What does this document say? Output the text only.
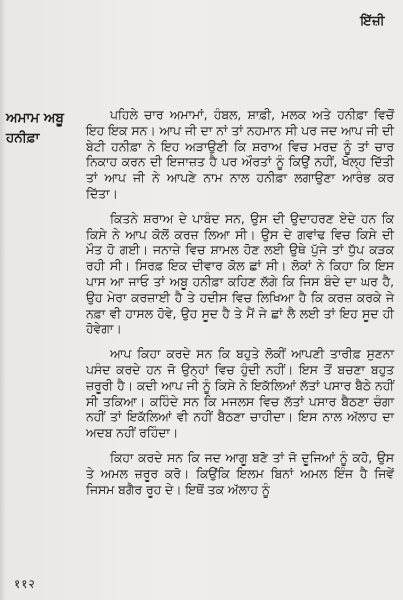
ਇੱਜ਼ੀ
ਅਮਾਮ ਅਬੂ
ਹਨੀਫ਼ਾ

ਪਹਿਲੇ ਚਾਰ ਅਮਾਮਾਂ, ਹੰਬਲ, ਸ਼ਾਫ਼ੀ, ਮਲਕ ਅਤੇ ਹਨੀਫ਼ਾ ਵਿਚੋਂ ਇਹ ਇਕ ਸਨ। ਆਪ ਜੀ ਦਾ ਨਾਂ ਤਾਂ ਨਹਮਾਨ ਸੀ ਪਰ ਜਦ ਆਪ ਜੀ ਦੀ ਬੇਟੀ ਹਨੀਫ਼ਾ ਨੇ ਇਹ ਅੜਾਉਣੀ ਕਿ ਸ਼ਰਾਅ ਵਿਚ ਮਰਦ ਨੂੰ ਤਾਂ ਚਾਰ ਨਿਕਾਹ ਕਰਨ ਦੀ ਇਜਾਜ਼ਤ ਹੈ ਪਰ ਔਰਤਾਂ ਨੂੰ ਕਿਉਂ ਨਹੀਂ, ਖੋਲ੍ਹ ਦਿੱਤੀ ਤਾਂ ਆਪ ਜੀ ਨੇ ਆਪਣੇ ਨਾਮ ਨਾਲ ਹਨੀਫ਼ਾ ਲਗਾਉਣਾ ਆਰੰਭ ਕਰ ਦਿੱਤਾ।

ਕਿਤਨੇ ਸ਼ਰਾਅ ਦੇ ਪਾਬੰਦ ਸਨ, ਉਸ ਦੀ ਉਦਾਹਰਣ ਏਦੇ ਹਨ ਕਿ ਕਿਸੇ ਨੇ ਆਪ ਕੋਲੋਂ ਕਰਜ਼ ਲਿਆ ਸੀ। ਉਸ ਦੇ ਗਵਾਂਢ ਵਿਚ ਕਿਸੇ ਦੀ ਮੌਤ ਹੋ ਗਈ। ਜਨਾਜ਼ੇ ਵਿਚ ਸ਼ਾਮਲ ਹੋਣ ਲਈ ਉਥੇ ਪੁੱਜੇ ਤਾਂ ਧੁੱਪ ਕੜਕ ਰਹੀ ਸੀ। ਸਿਰਫ਼ ਇਕ ਦੀਵਾਰ ਕੋਲ ਛਾਂ ਸੀ। ਲੋਕਾਂ ਨੇ ਕਿਹਾ ਕਿ ਇਸ ਪਾਸ ਆ ਜਾਓ ਤਾਂ ਅਬੂ ਹਨੀਫ਼ਾ ਕਹਿਣ ਲੱਗੇ ਕਿ ਜਿਸ ਬੰਦੇ ਦਾ ਘਰ ਹੈ, ਉਹ ਮੇਰਾ ਕਰਜ਼ਾਈ ਹੈ ਤੇ ਹਦੀਸ ਵਿਚ ਲਿਖਿਆ ਹੈ ਕਿ ਕਰਜ਼ ਕਰਕੇ ਜੇ ਨਫ਼ਾ ਵੀ ਹਾਸਲ ਹੋਵੇ, ਉਹ ਸੂਦ ਹੈ ਤੇ ਮੈਂ ਜੇ ਛਾਂ ਲੈ ਲਈ ਤਾਂ ਇਹ ਸੂਦ ਹੀ ਹੋਵੇਗਾ।

ਆਪ ਕਿਹਾ ਕਰਦੇ ਸਨ ਕਿ ਬਹੁਤੇ ਲੋਕੀਂ ਆਪਣੀ ਤਾਰੀਫ਼ ਸੁਣਨਾ ਪਸੰਦ ਕਰਦੇ ਹਨ ਜੋ ਉਨ੍ਹਾਂ ਵਿਚ ਹੁੰਦੀ ਨਹੀਂ। ਇਸ ਤੋਂ ਬਚਣਾ ਬਹੁਤ ਜ਼ਰੂਰੀ ਹੈ। ਕਦੀ ਆਪ ਜੀ ਨੂੰ ਕਿਸੇ ਨੇ ਇਕੱਲਿਆਂ ਲੱਤਾਂ ਪਸਾਰ ਬੈਠੇ ਨਹੀਂ ਸੀ ਤਕਿਆ। ਕਹਿੰਦੇ ਸਨ ਕਿ ਮਜਲਸ ਵਿਚ ਲੱਤਾਂ ਪਸਾਰ ਬੈਠਣਾ ਚੰਗਾ ਨਹੀਂ ਤਾਂ ਇਕੱਲਿਆਂ ਵੀ ਨਹੀਂ ਬੈਠਣਾ ਚਾਹੀਦਾ। ਇਸ ਨਾਲ ਅੱਲਾਹ ਦਾ ਅਦਬ ਨਹੀਂ ਰਹਿੰਦਾ।

ਕਿਹਾ ਕਰਦੇ ਸਨ ਕਿ ਜਦ ਆਗੂ ਬਣੋ ਤਾਂ ਜੋ ਦੂਜਿਆਂ ਨੂੰ ਕਹੋ, ਉਸ ਤੇ ਅਮਲ ਜ਼ਰੂਰ ਕਰੋ। ਕਿਉਂਕਿ ਇਲਮ ਬਿਨਾਂ ਅਮਲ ਇੰਜ ਹੈ ਜਿਵੇਂ ਜਿਸਮ ਬਗੈਰ ਰੂਹ ਦੇ। ਇਥੋਂ ਤਕ ਅੱਲਾਹ ਨੂੰ

११२
